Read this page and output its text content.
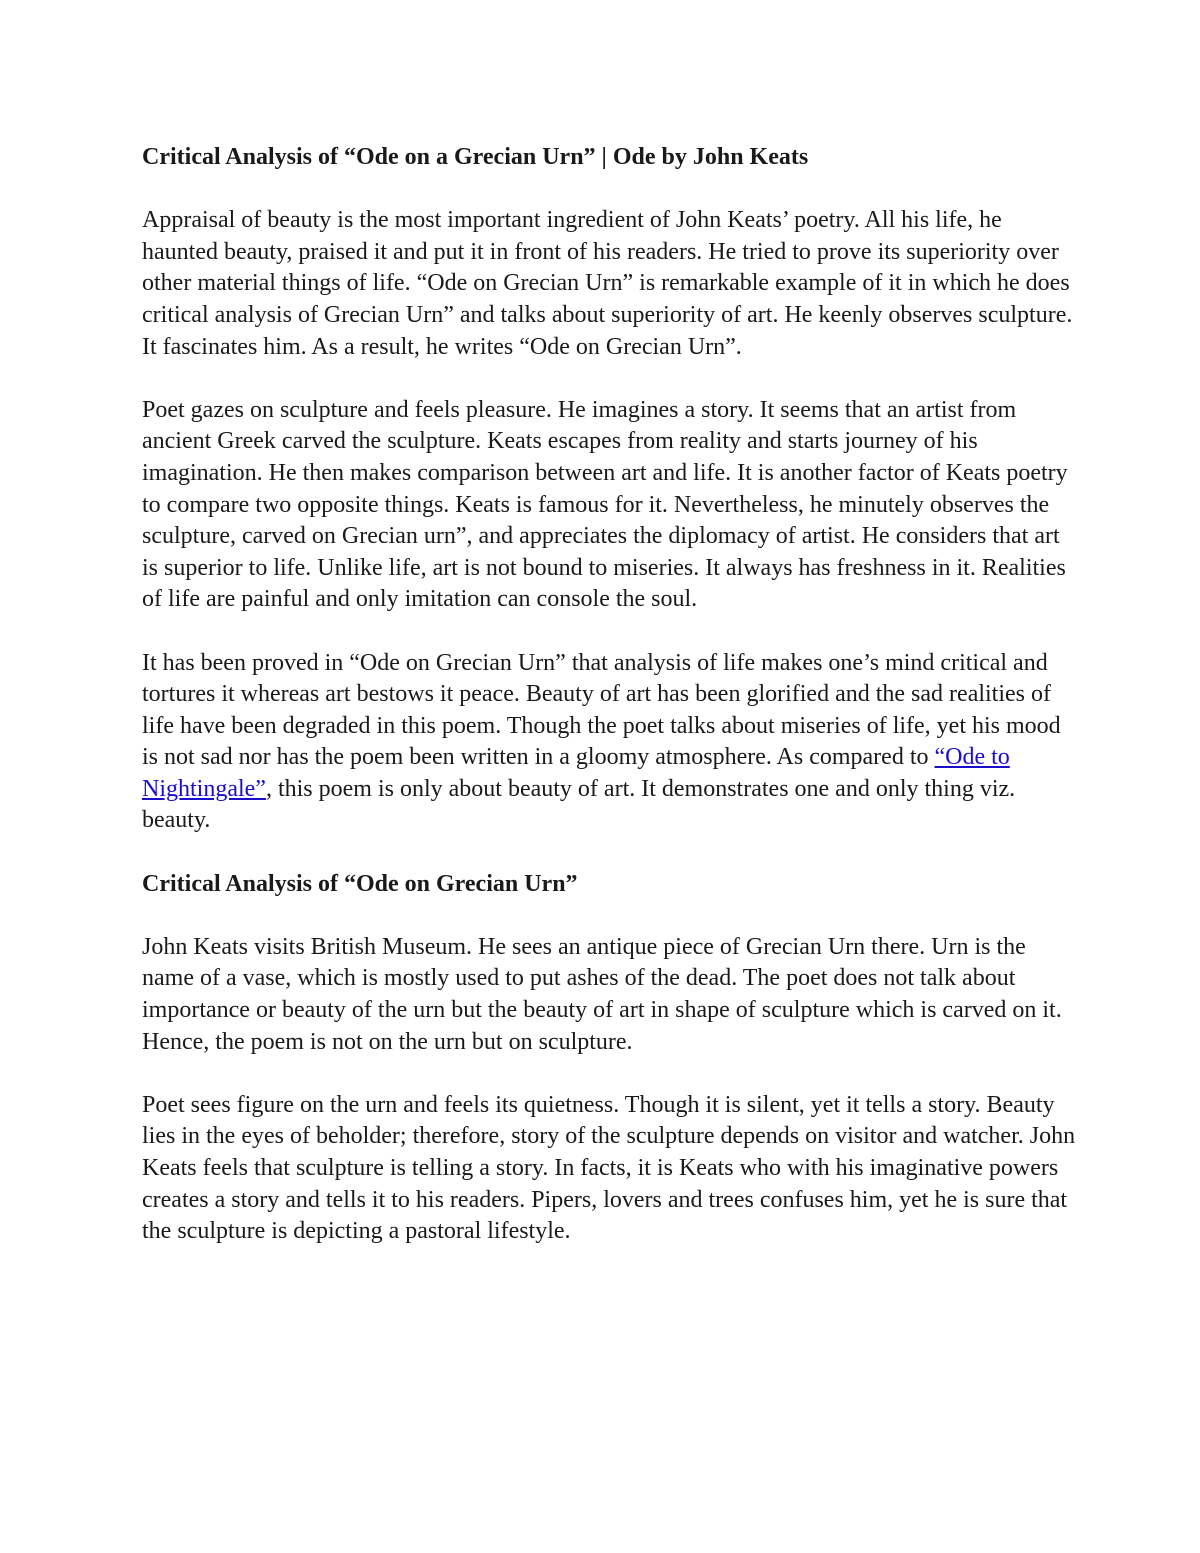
Critical Analysis of “Ode on a Grecian Urn” | Ode by John Keats

Appraisal of beauty is the most important ingredient of John Keats’ poetry. All his life, he haunted beauty, praised it and put it in front of his readers. He tried to prove its superiority over other material things of life. “Ode on Grecian Urn” is remarkable example of it in which he does critical analysis of Grecian Urn” and talks about superiority of art. He keenly observes sculpture. It fascinates him. As a result, he writes “Ode on Grecian Urn”.

Poet gazes on sculpture and feels pleasure. He imagines a story. It seems that an artist from ancient Greek carved the sculpture. Keats escapes from reality and starts journey of his imagination. He then makes comparison between art and life. It is another factor of Keats poetry to compare two opposite things. Keats is famous for it. Nevertheless, he minutely observes the sculpture, carved on Grecian urn”, and appreciates the diplomacy of artist. He considers that art is superior to life. Unlike life, art is not bound to miseries. It always has freshness in it. Realities of life are painful and only imitation can console the soul.

It has been proved in “Ode on Grecian Urn” that analysis of life makes one’s mind critical and tortures it whereas art bestows it peace. Beauty of art has been glorified and the sad realities of life have been degraded in this poem. Though the poet talks about miseries of life, yet his mood is not sad nor has the poem been written in a gloomy atmosphere. As compared to “Ode to Nightingale”, this poem is only about beauty of art. It demonstrates one and only thing viz. beauty.

Critical Analysis of “Ode on Grecian Urn”

John Keats visits British Museum. He sees an antique piece of Grecian Urn there. Urn is the name of a vase, which is mostly used to put ashes of the dead. The poet does not talk about importance or beauty of the urn but the beauty of art in shape of sculpture which is carved on it. Hence, the poem is not on the urn but on sculpture.

Poet sees figure on the urn and feels its quietness. Though it is silent, yet it tells a story. Beauty lies in the eyes of beholder; therefore, story of the sculpture depends on visitor and watcher. John Keats feels that sculpture is telling a story. In facts, it is Keats who with his imaginative powers creates a story and tells it to his readers. Pipers, lovers and trees confuses him, yet he is sure that the sculpture is depicting a pastoral lifestyle.
